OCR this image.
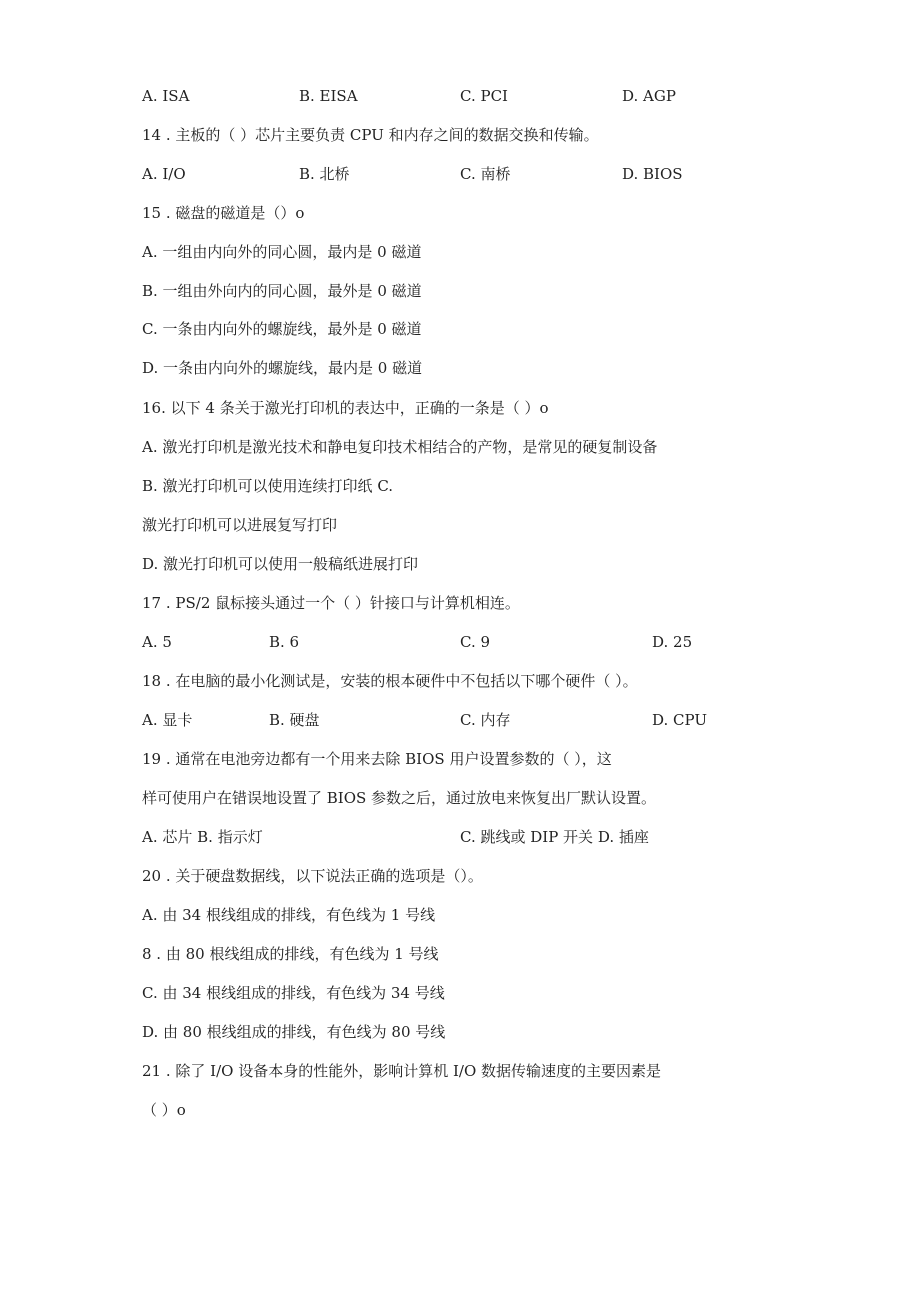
A. ISA	B. EISA	C. PCI	D. AGP
14 . 主板的（ ）芯片主要负责 CPU 和内存之间的数据交换和传输。
A. I/O	B. 北桥	C. 南桥	D. BIOS
15 . 磁盘的磁道是（）o
A. 一组由内向外的同心圆，最内是 0 磁道
B. 一组由外向内的同心圆，最外是 0 磁道
C. 一条由内向外的螺旋线，最外是 0 磁道
D. 一条由内向外的螺旋线，最内是 0 磁道
16. 以下 4 条关于激光打印机的表达中，正确的一条是（ ）o
A. 激光打印机是激光技术和静电复印技术相结合的产物，是常见的硬复制设备
B. 激光打印机可以使用连续打印纸 C.
激光打印机可以进展复写打印
D. 激光打印机可以使用一般稿纸进展打印
17 . PS/2 鼠标接头通过一个（ ）针接口与计算机相连。
A. 5	B. 6	C. 9	D. 25
18 . 在电脑的最小化测试是，安装的根本硬件中不包括以下哪个硬件（ ）。
A. 显卡	B. 硬盘	C. 内存	D. CPU
19 . 通常在电池旁边都有一个用来去除 BIOS 用户设置参数的（ ），这
样可使用户在错误地设置了 BIOS 参数之后，通过放电来恢复出厂默认设置。
A. 芯片 B. 指示灯	C. 跳线或 DIP 开关 D. 插座
20 . 关于硬盘数据线，以下说法正确的选项是（）。
A. 由 34 根线组成的排线，有色线为 1 号线
8 . 由 80 根线组成的排线，有色线为 1 号线
C. 由 34 根线组成的排线，有色线为 34 号线
D. 由 80 根线组成的排线，有色线为 80 号线
21 . 除了 I/O 设备本身的性能外，影响计算机 I/O 数据传输速度的主要因素是
（ ）o
